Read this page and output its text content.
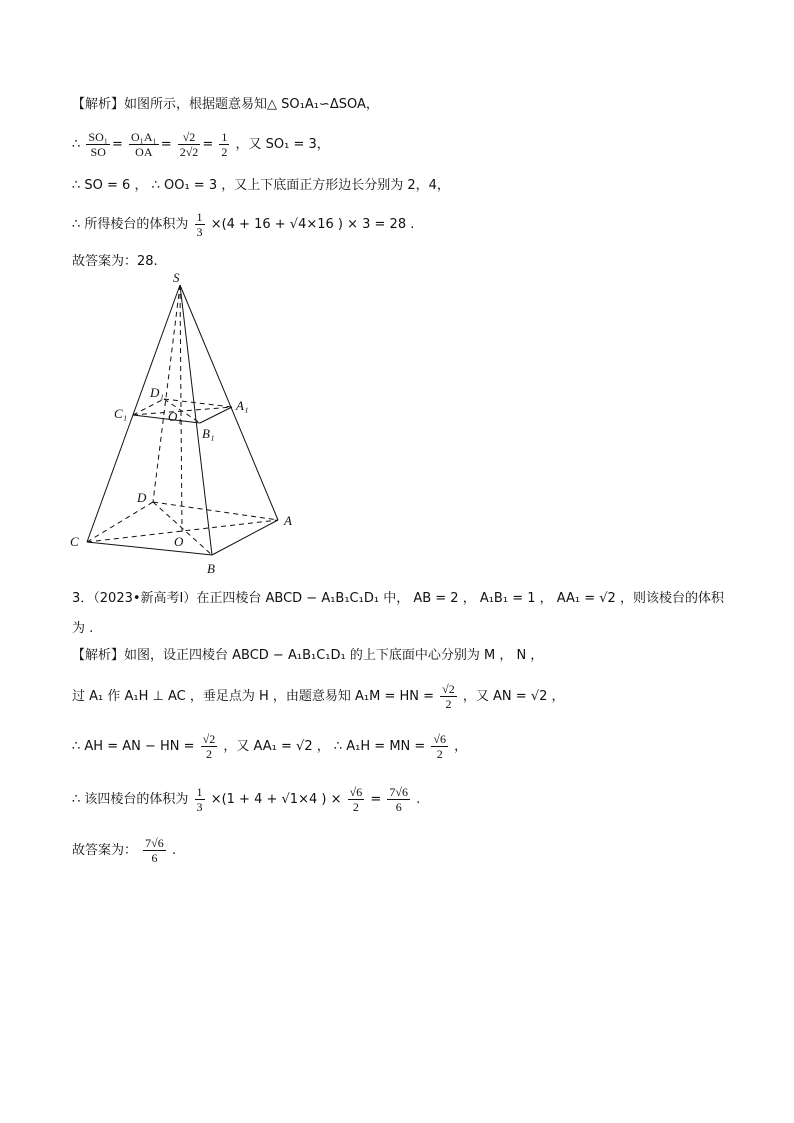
【解析】如图所示，根据题意易知△ SO₁A₁∽ΔSOA，
∴ $\frac{\text{SO₁}}{SO} = \frac{\text{O₁A₁}}{OA} = \frac{√2}{2√2} = \frac{1}{2}$ ，又 SO₁ = 3，
∴ SO = 6 ， ∴ OO₁ = 3 ，又上下底面正方形边长分别为 2，4，
∴ 所得棱台的体积为 $\frac{1}{3} \times(4 + 16 + √4\times 16$ ) × 3 = 28 .
故答案为：28.
S
D₁
O₁
A₁
C₁
B₁
D
A
O
C
B
3．（2023•新高考Ⅰ）在正四棱台 ABCD − A₁B₁C₁D₁ 中， AB = 2 ， A₁B₁ = 1 ， AA₁ = √2 ，则该棱台的体积
为 .
【解析】如图，设正四棱台 ABCD − A₁B₁C₁D₁ 的上下底面中心分别为 M ， N ，
过 A₁ 作 A₁H ⊥ AC ，垂足点为 H ，由题意易知 A₁M = HN = $\frac{√2}{2}$ ，又 AN = √2 ，
∴ AH = AN − HN = $\frac{√2}{2}$ ，又 AA₁ = √2 ， ∴ A₁H = MN = $\frac{√6}{2}$ ，
∴ 该四棱台的体积为 $\frac{1}{3} \times(1 + 4 + √1\times 4$ ) × $\frac{√6}{2} = \frac{7√6}{6}$ .
故答案为： $\frac{7√6}{6}$ .
